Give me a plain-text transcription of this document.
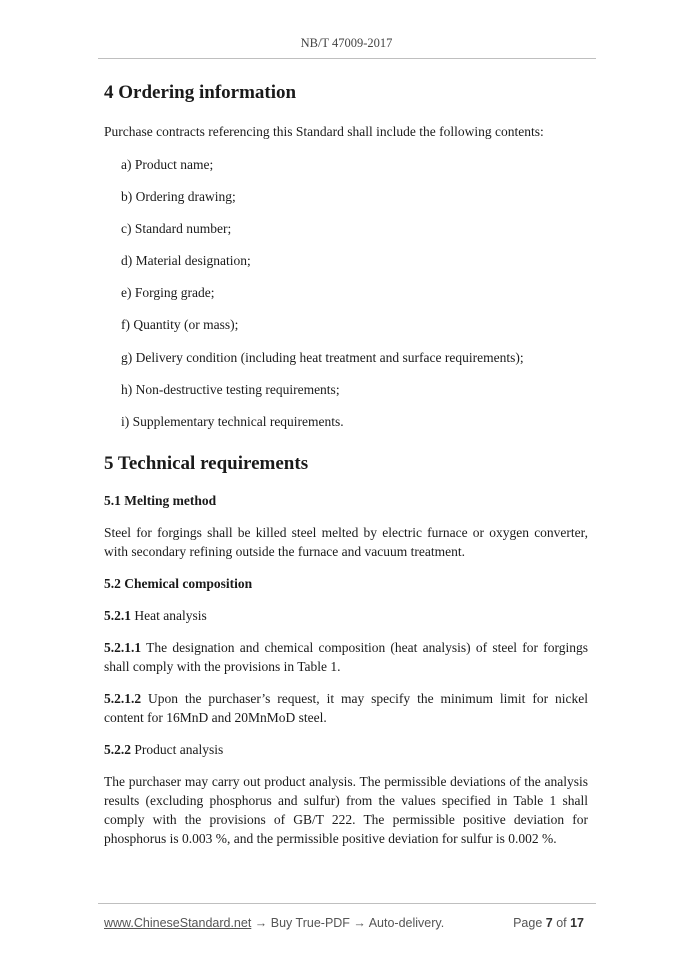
NB/T 47009-2017
4 Ordering information

Purchase contracts referencing this Standard shall include the following contents:

a) Product name;
b) Ordering drawing;
c) Standard number;
d) Material designation;
e) Forging grade;
f) Quantity (or mass);
g) Delivery condition (including heat treatment and surface requirements);
h) Non-destructive testing requirements;
i) Supplementary technical requirements.
5 Technical requirements

5.1 Melting method

Steel for forgings shall be killed steel melted by electric furnace or oxygen converter, with secondary refining outside the furnace and vacuum treatment.

5.2 Chemical composition

5.2.1 Heat analysis

5.2.1.1 The designation and chemical composition (heat analysis) of steel for forgings shall comply with the provisions in Table 1.

5.2.1.2 Upon the purchaser’s request, it may specify the minimum limit for nickel content for 16MnD and 20MnMoD steel.

5.2.2 Product analysis

The purchaser may carry out product analysis. The permissible deviations of the analysis results (excluding phosphorus and sulfur) from the values specified in Table 1 shall comply with the provisions of GB/T 222. The permissible positive deviation for phosphorus is 0.003 %, and the permissible positive deviation for sulfur is 0.002 %.

www.ChineseStandard.net → Buy True-PDF → Auto-delivery.	Page 7 of 17
